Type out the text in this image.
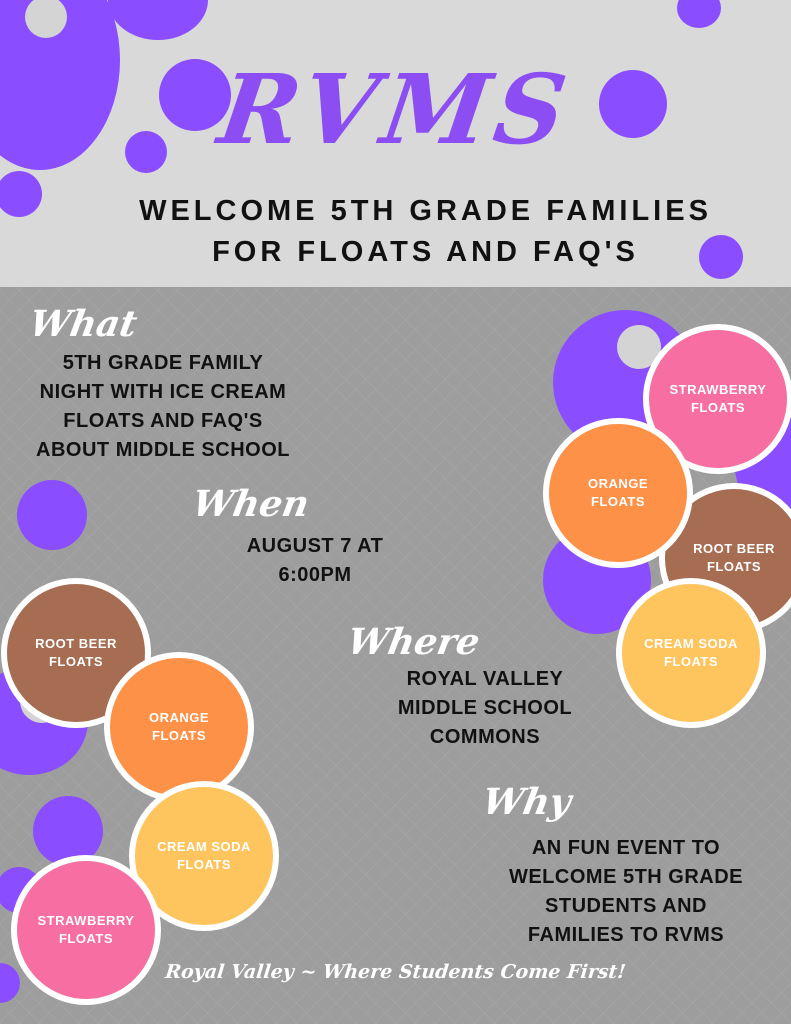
RVMS
WELCOME 5TH GRADE FAMILIES
FOR FLOATS AND FAQ'S
STRAWBERRY
FLOATS
ROOT BEER
FLOATS
ORANGE
FLOATS
CREAM SODA
FLOATS
ROOT BEER
FLOATS
ORANGE
FLOATS
CREAM SODA
FLOATS
STRAWBERRY
FLOATS
What
5TH GRADE FAMILY
NIGHT WITH ICE CREAM
FLOATS AND FAQ'S
ABOUT MIDDLE SCHOOL
When
AUGUST 7 AT
6:00PM
Where
ROYAL VALLEY
MIDDLE SCHOOL
COMMONS
Why
AN FUN EVENT TO
WELCOME 5TH GRADE
STUDENTS AND
FAMILIES TO RVMS
Royal Valley ~ Where Students Come First!
